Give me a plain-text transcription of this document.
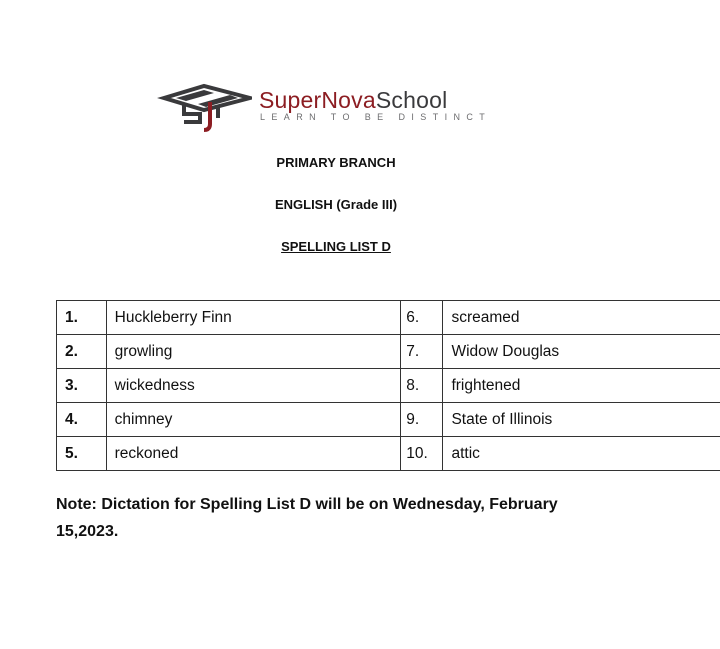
SuperNovaSchool
LEARN TO BE DISTINCT
PRIMARY BRANCH
ENGLISH (Grade III)
SPELLING LIST D
1.	Huckleberry Finn	6.	screamed
2.	growling	7.	Widow Douglas
3.	wickedness	8.	frightened
4.	chimney	9.	State of Illinois
5.	reckoned	10.	attic
Note: Dictation for Spelling List D will be on Wednesday, February 15,2023.
